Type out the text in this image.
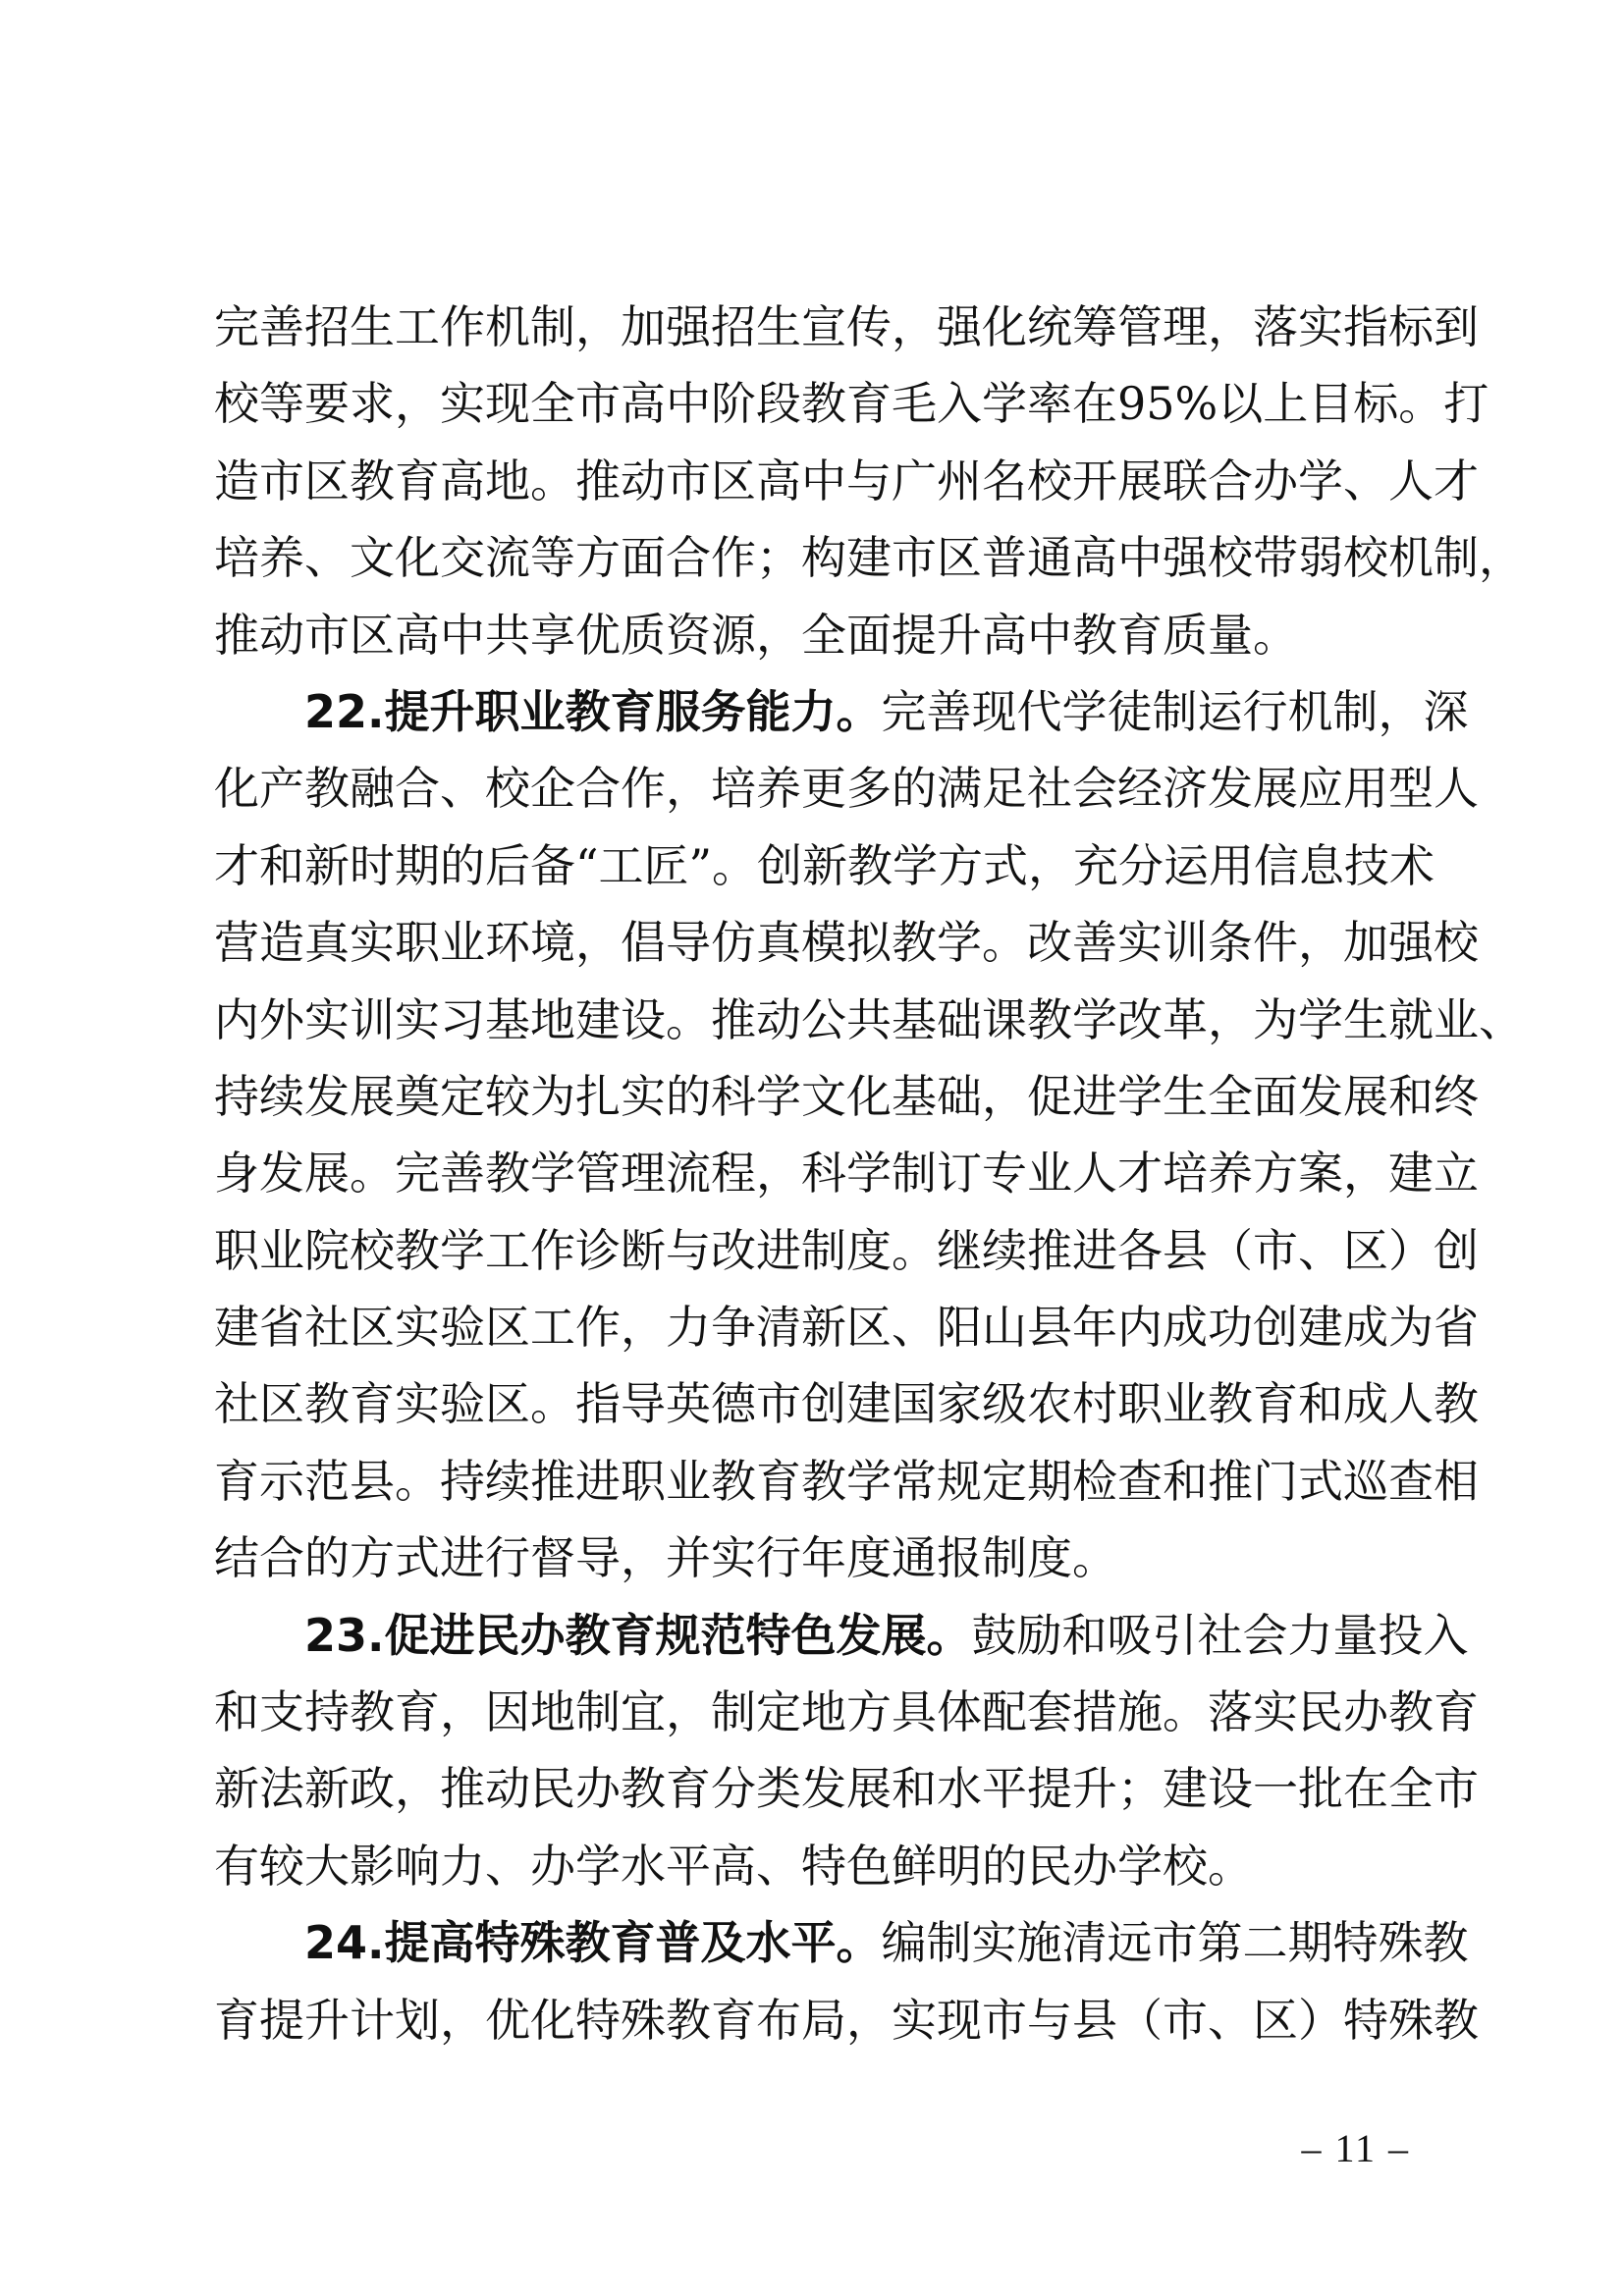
完善招生工作机制，加强招生宣传，强化统筹管理，落实指标到
校等要求，实现全市高中阶段教育毛入学率在95%以上目标。打
造市区教育高地。推动市区高中与广州名校开展联合办学、人才
培养、文化交流等方面合作；构建市区普通高中强校带弱校机制，
推动市区高中共享优质资源，全面提升高中教育质量。
22.提升职业教育服务能力。完善现代学徒制运行机制，深
化产教融合、校企合作，培养更多的满足社会经济发展应用型人
才和新时期的后备“工匠”。创新教学方式，充分运用信息技术
营造真实职业环境，倡导仿真模拟教学。改善实训条件，加强校
内外实训实习基地建设。推动公共基础课教学改革，为学生就业、
持续发展奠定较为扎实的科学文化基础，促进学生全面发展和终
身发展。完善教学管理流程，科学制订专业人才培养方案，建立
职业院校教学工作诊断与改进制度。继续推进各县（市、区）创
建省社区实验区工作，力争清新区、阳山县年内成功创建成为省
社区教育实验区。指导英德市创建国家级农村职业教育和成人教
育示范县。持续推进职业教育教学常规定期检查和推门式巡查相
结合的方式进行督导，并实行年度通报制度。
23.促进民办教育规范特色发展。鼓励和吸引社会力量投入
和支持教育，因地制宜，制定地方具体配套措施。落实民办教育
新法新政，推动民办教育分类发展和水平提升；建设一批在全市
有较大影响力、办学水平高、特色鲜明的民办学校。
24.提高特殊教育普及水平。编制实施清远市第二期特殊教
育提升计划，优化特殊教育布局，实现市与县（市、区）特殊教
– 11 –
